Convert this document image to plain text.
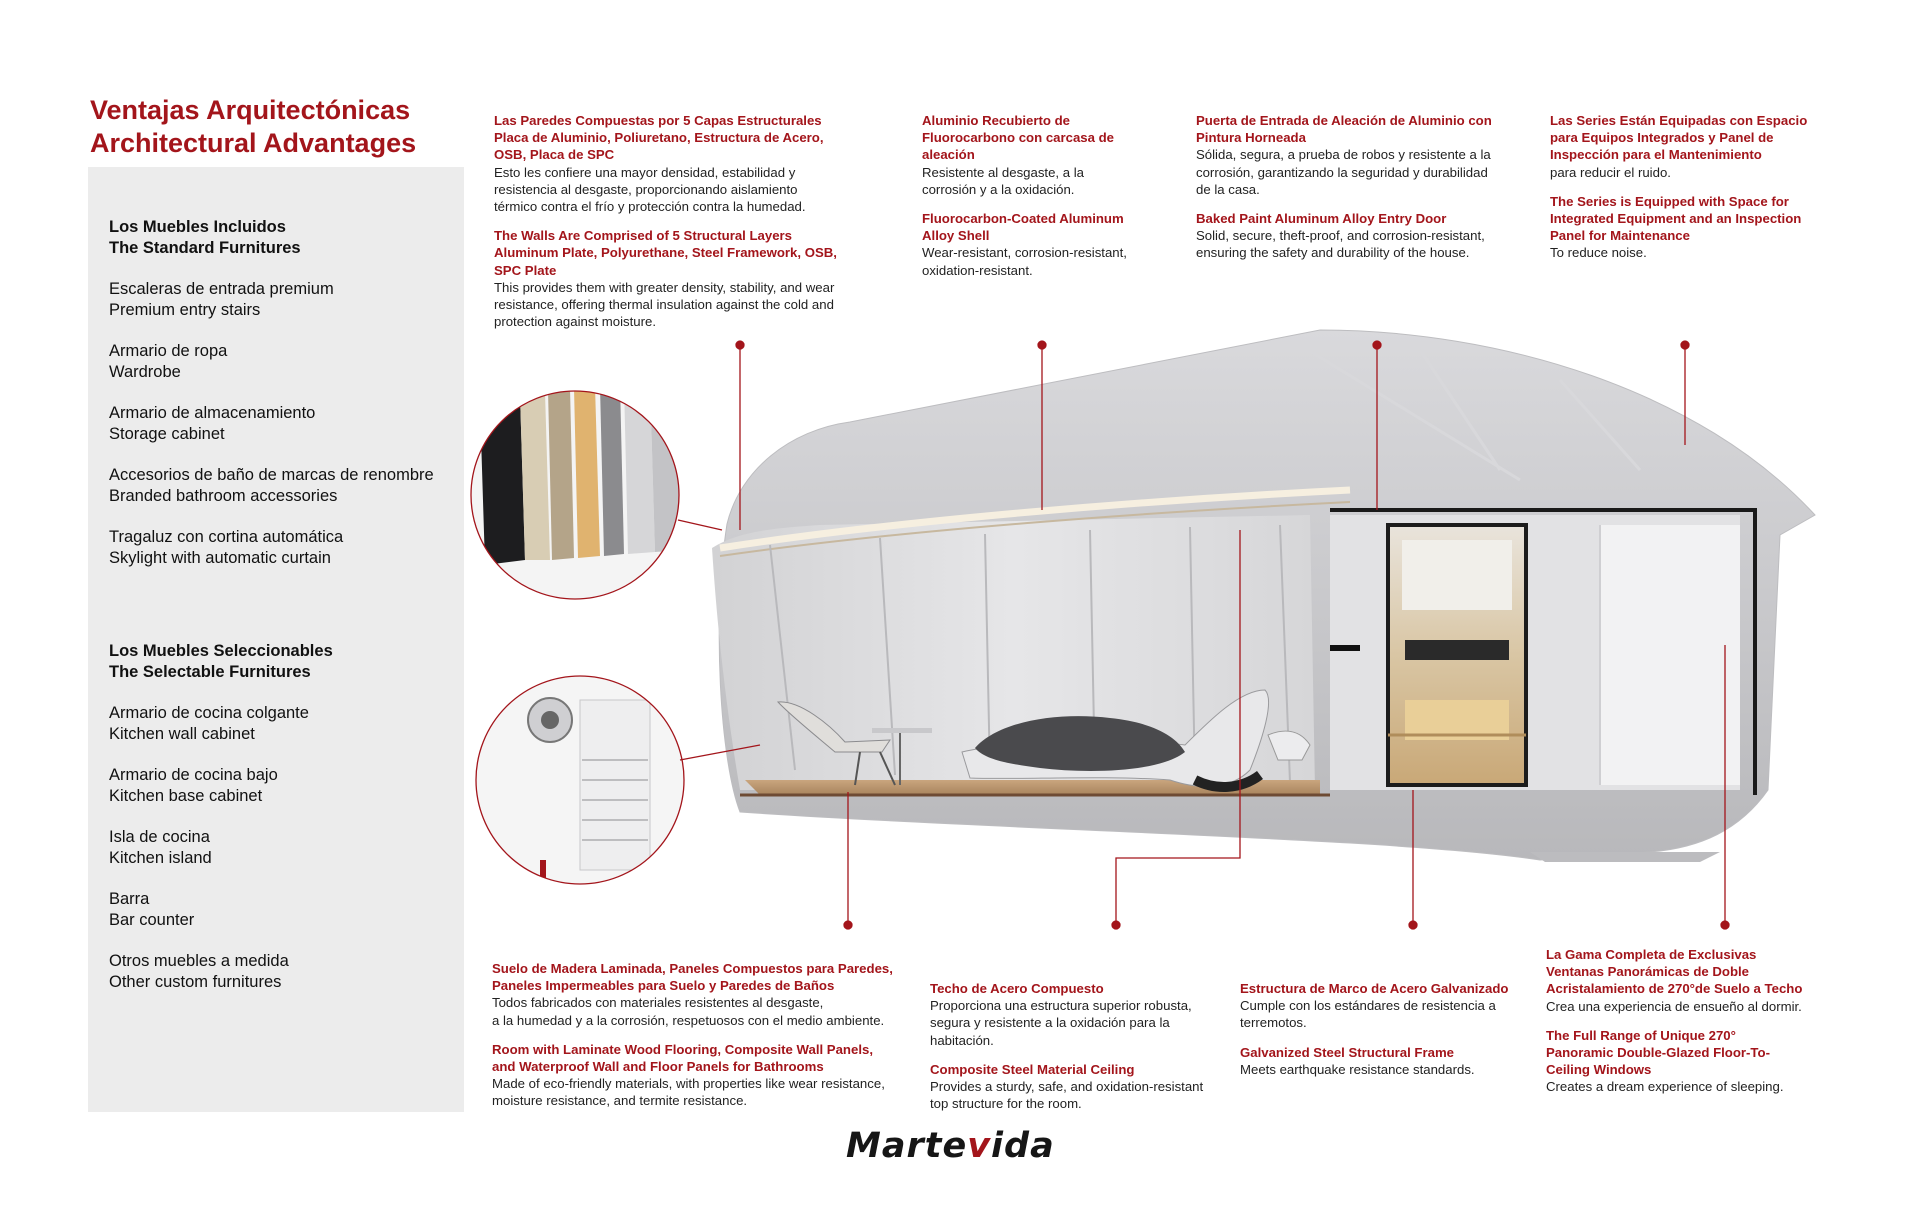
Ventajas Arquitectónicas
Architectural Advantages
Los Muebles Incluidos
The Standard Furnitures
Escaleras de entrada premium
Premium entry stairs
Armario de ropa
Wardrobe
Armario de almacenamiento
Storage cabinet
Accesorios de baño de marcas de renombre
Branded bathroom accessories
Tragaluz con cortina automática
Skylight with automatic curtain
Los Muebles Seleccionables
The Selectable Furnitures
Armario de cocina colgante
Kitchen wall cabinet
Armario de cocina bajo
Kitchen base cabinet
Isla de cocina
Kitchen island
Barra
Bar counter
Otros muebles a medida
Other custom furnitures
Las Paredes Compuestas por 5 Capas Estructurales
Placa de Aluminio, Poliuretano, Estructura de Acero,
OSB, Placa de SPC
Esto les confiere una mayor densidad, estabilidad y
resistencia al desgaste, proporcionando aislamiento
térmico contra el frío y protección contra la humedad.
The Walls Are Comprised of 5 Structural Layers
Aluminum Plate, Polyurethane, Steel Framework, OSB,
SPC Plate
This provides them with greater density, stability, and wear
resistance, offering thermal insulation against the cold and
protection against moisture.
Aluminio Recubierto de
Fluorocarbono con carcasa de
aleación
Resistente al desgaste, a la
corrosión y a la oxidación.
Fluorocarbon-Coated Aluminum
Alloy Shell
Wear-resistant, corrosion-resistant,
oxidation-resistant.
Puerta de Entrada de Aleación de Aluminio con
Pintura Horneada
Sólida, segura, a prueba de robos y resistente a la
corrosión, garantizando la seguridad y durabilidad
de la casa.
Baked Paint Aluminum Alloy Entry Door
Solid, secure, theft-proof, and corrosion-resistant,
ensuring the safety and durability of the house.
Las Series Están Equipadas con Espacio
para Equipos Integrados y Panel de
Inspección para el Mantenimiento
para reducir el ruido.
The Series is Equipped with Space for
Integrated Equipment and an Inspection
Panel for Maintenance
To reduce noise.
Suelo de Madera Laminada, Paneles Compuestos para Paredes,
Paneles Impermeables para Suelo y Paredes de Baños
Todos fabricados con materiales resistentes al desgaste,
a la humedad y a la corrosión, respetuosos con el medio ambiente.
Room with Laminate Wood Flooring, Composite Wall Panels,
and Waterproof Wall and Floor Panels for Bathrooms
Made of eco-friendly materials, with properties like wear resistance,
moisture resistance, and termite resistance.
Techo de Acero Compuesto
Proporciona una estructura superior robusta,
segura y resistente a la oxidación para la
habitación.
Composite Steel Material Ceiling
Provides a sturdy, safe, and oxidation-resistant
top structure for the room.
Estructura de Marco de Acero Galvanizado
Cumple con los estándares de resistencia a
terremotos.
Galvanized Steel Structural Frame
Meets earthquake resistance standards.
La Gama Completa de Exclusivas
Ventanas Panorámicas de Doble
Acristalamiento de 270°de Suelo a Techo
Crea una experiencia de ensueño al dormir.
The Full Range of Unique 270°
Panoramic Double-Glazed Floor-To-
Ceiling Windows
Creates a dream experience of sleeping.
Martevida
